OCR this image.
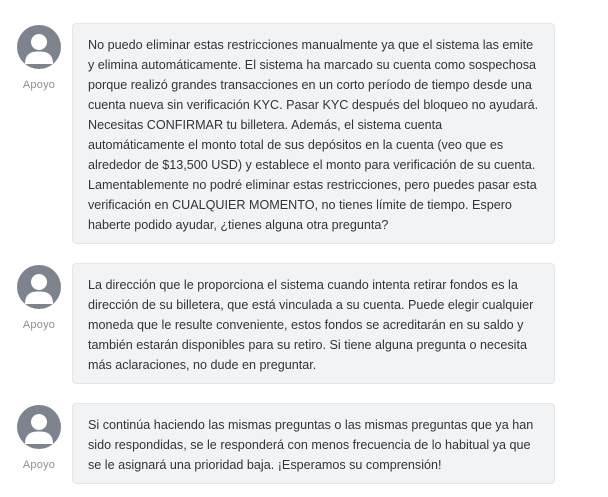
Apoyo
No puedo eliminar estas restricciones manualmente ya que el sistema las emite y elimina automáticamente. El sistema ha marcado su cuenta como sospechosa porque realizó grandes transacciones en un corto período de tiempo desde una cuenta nueva sin verificación KYC. Pasar KYC después del bloqueo no ayudará. Necesitas CONFIRMAR tu billetera. Además, el sistema cuenta automáticamente el monto total de sus depósitos en la cuenta (veo que es alrededor de $13,500 USD) y establece el monto para verificación de su cuenta. Lamentablemente no podré eliminar estas restricciones, pero puedes pasar esta verificación en CUALQUIER MOMENTO, no tienes límite de tiempo. Espero haberte podido ayudar, ¿tienes alguna otra pregunta?
Apoyo
La dirección que le proporciona el sistema cuando intenta retirar fondos es la dirección de su billetera, que está vinculada a su cuenta. Puede elegir cualquier moneda que le resulte conveniente, estos fondos se acreditarán en su saldo y también estarán disponibles para su retiro. Si tiene alguna pregunta o necesita más aclaraciones, no dude en preguntar.
Apoyo
Si continúa haciendo las mismas preguntas o las mismas preguntas que ya han sido respondidas, se le responderá con menos frecuencia de lo habitual ya que se le asignará una prioridad baja. ¡Esperamos su comprensión!
